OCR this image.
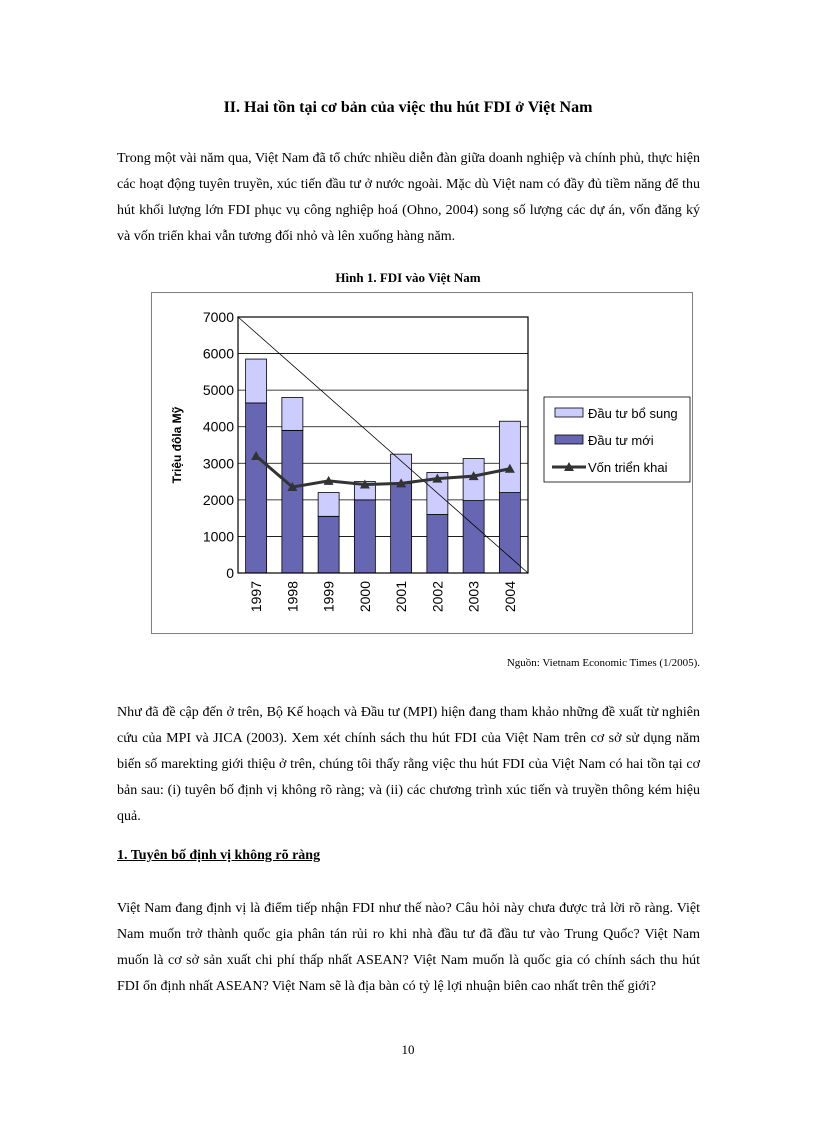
II. Hai tồn tại cơ bản của việc thu hút FDI ở Việt Nam

Trong một vài năm qua, Việt Nam đã tổ chức nhiều diễn đàn giữa doanh nghiệp và chính phủ, thực hiện các hoạt động tuyên truyền, xúc tiến đầu tư ở nước ngoài. Mặc dù Việt nam có đầy đủ tiềm năng để thu hút khối lượng lớn FDI phục vụ công nghiệp hoá (Ohno, 2004) song số lượng các dự án, vốn đăng ký và vốn triển khai vẫn tương đối nhỏ và lên xuống hàng năm.

Hình 1. FDI vào Việt Nam
0
1000
2000
3000
4000
5000
6000
7000
1997 1998 1999 2000 2001 2002 2003 2004
Triệu đôla Mỹ	Đầu tư bổ sung
Đầu tư mới
Vốn triển khai
Nguồn: Vietnam Economic Times (1/2005).

Như đã đề cập đến ở trên, Bộ Kế hoạch và Đầu tư (MPI) hiện đang tham khảo những đề xuất từ nghiên cứu của MPI và JICA (2003). Xem xét chính sách thu hút FDI của Việt Nam trên cơ sở sử dụng năm biến số marekting giới thiệu ở trên, chúng tôi thấy rằng việc thu hút FDI của Việt Nam có hai tồn tại cơ bản sau: (i) tuyên bố định vị không rõ ràng; và (ii) các chương trình xúc tiến và truyền thông kém hiệu quả.

1. Tuyên bố định vị không rõ ràng

Việt Nam đang định vị là điểm tiếp nhận FDI như thế nào? Câu hỏi này chưa được trả lời rõ ràng. Việt Nam muốn trở thành quốc gia phân tán rủi ro khi nhà đầu tư đã đầu tư vào Trung Quốc? Việt Nam muốn là cơ sở sản xuất chi phí thấp nhất ASEAN? Việt Nam muốn là quốc gia có chính sách thu hút FDI ổn định nhất ASEAN? Việt Nam sẽ là địa bàn có tỷ lệ lợi nhuận biên cao nhất trên thế giới?

10
